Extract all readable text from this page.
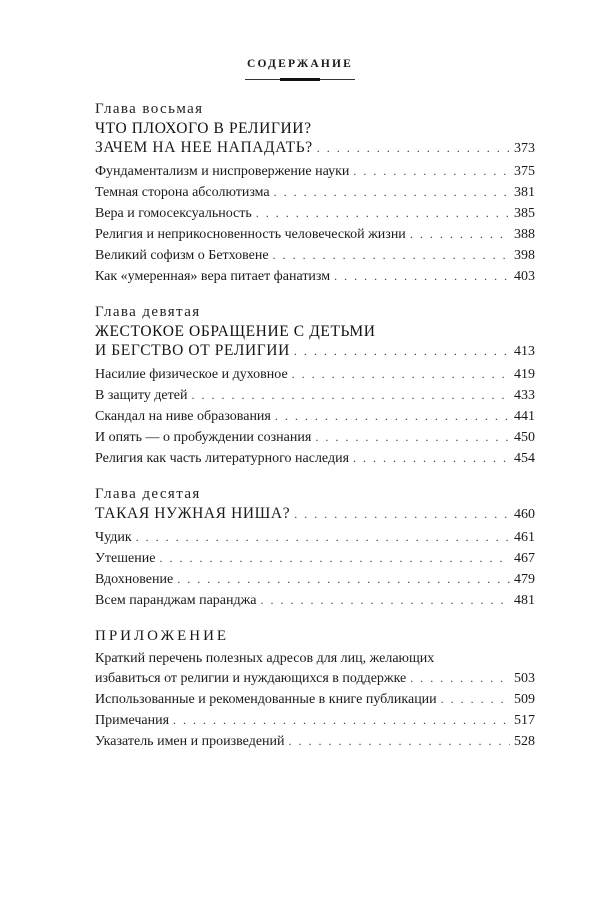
СОДЕРЖАНИЕ
Глава восьмая
ЧТО ПЛОХОГО В РЕЛИГИИ?
ЗАЧЕМ НА НЕЕ НАПАДАТЬ? . . .	373
Фундаментализм и ниспровержение науки . . .	375
Темная сторона абсолютизма . . .	381
Вера и гомосексуальность . . .	385
Религия и неприкосновенность человеческой жизни . . .	388
Великий софизм о Бетховене . . .	398
Как «умеренная» вера питает фанатизм . . .	403
Глава девятая
ЖЕСТОКОЕ ОБРАЩЕНИЕ С ДЕТЬМИ
И БЕГСТВО ОТ РЕЛИГИИ . . .	413
Насилие физическое и духовное . . .	419
В защиту детей . . .	433
Скандал на ниве образования . . .	441
И опять — о пробуждении сознания . . .	450
Религия как часть литературного наследия . . .	454
Глава десятая
ТАКАЯ НУЖНАЯ НИША? . . .	460
Чудик . . .	461
Утешение . . .	467
Вдохновение . . .	479
Всем паранджам паранджа . . .	481
ПРИЛОЖЕНИЕ
Краткий перечень полезных адресов для лиц, желающих
избавиться от религии и нуждающихся в поддержке . . .	503
Использованные и рекомендованные в книге публикации . . .	509
Примечания . . .	517
Указатель имен и произведений . . .	528
